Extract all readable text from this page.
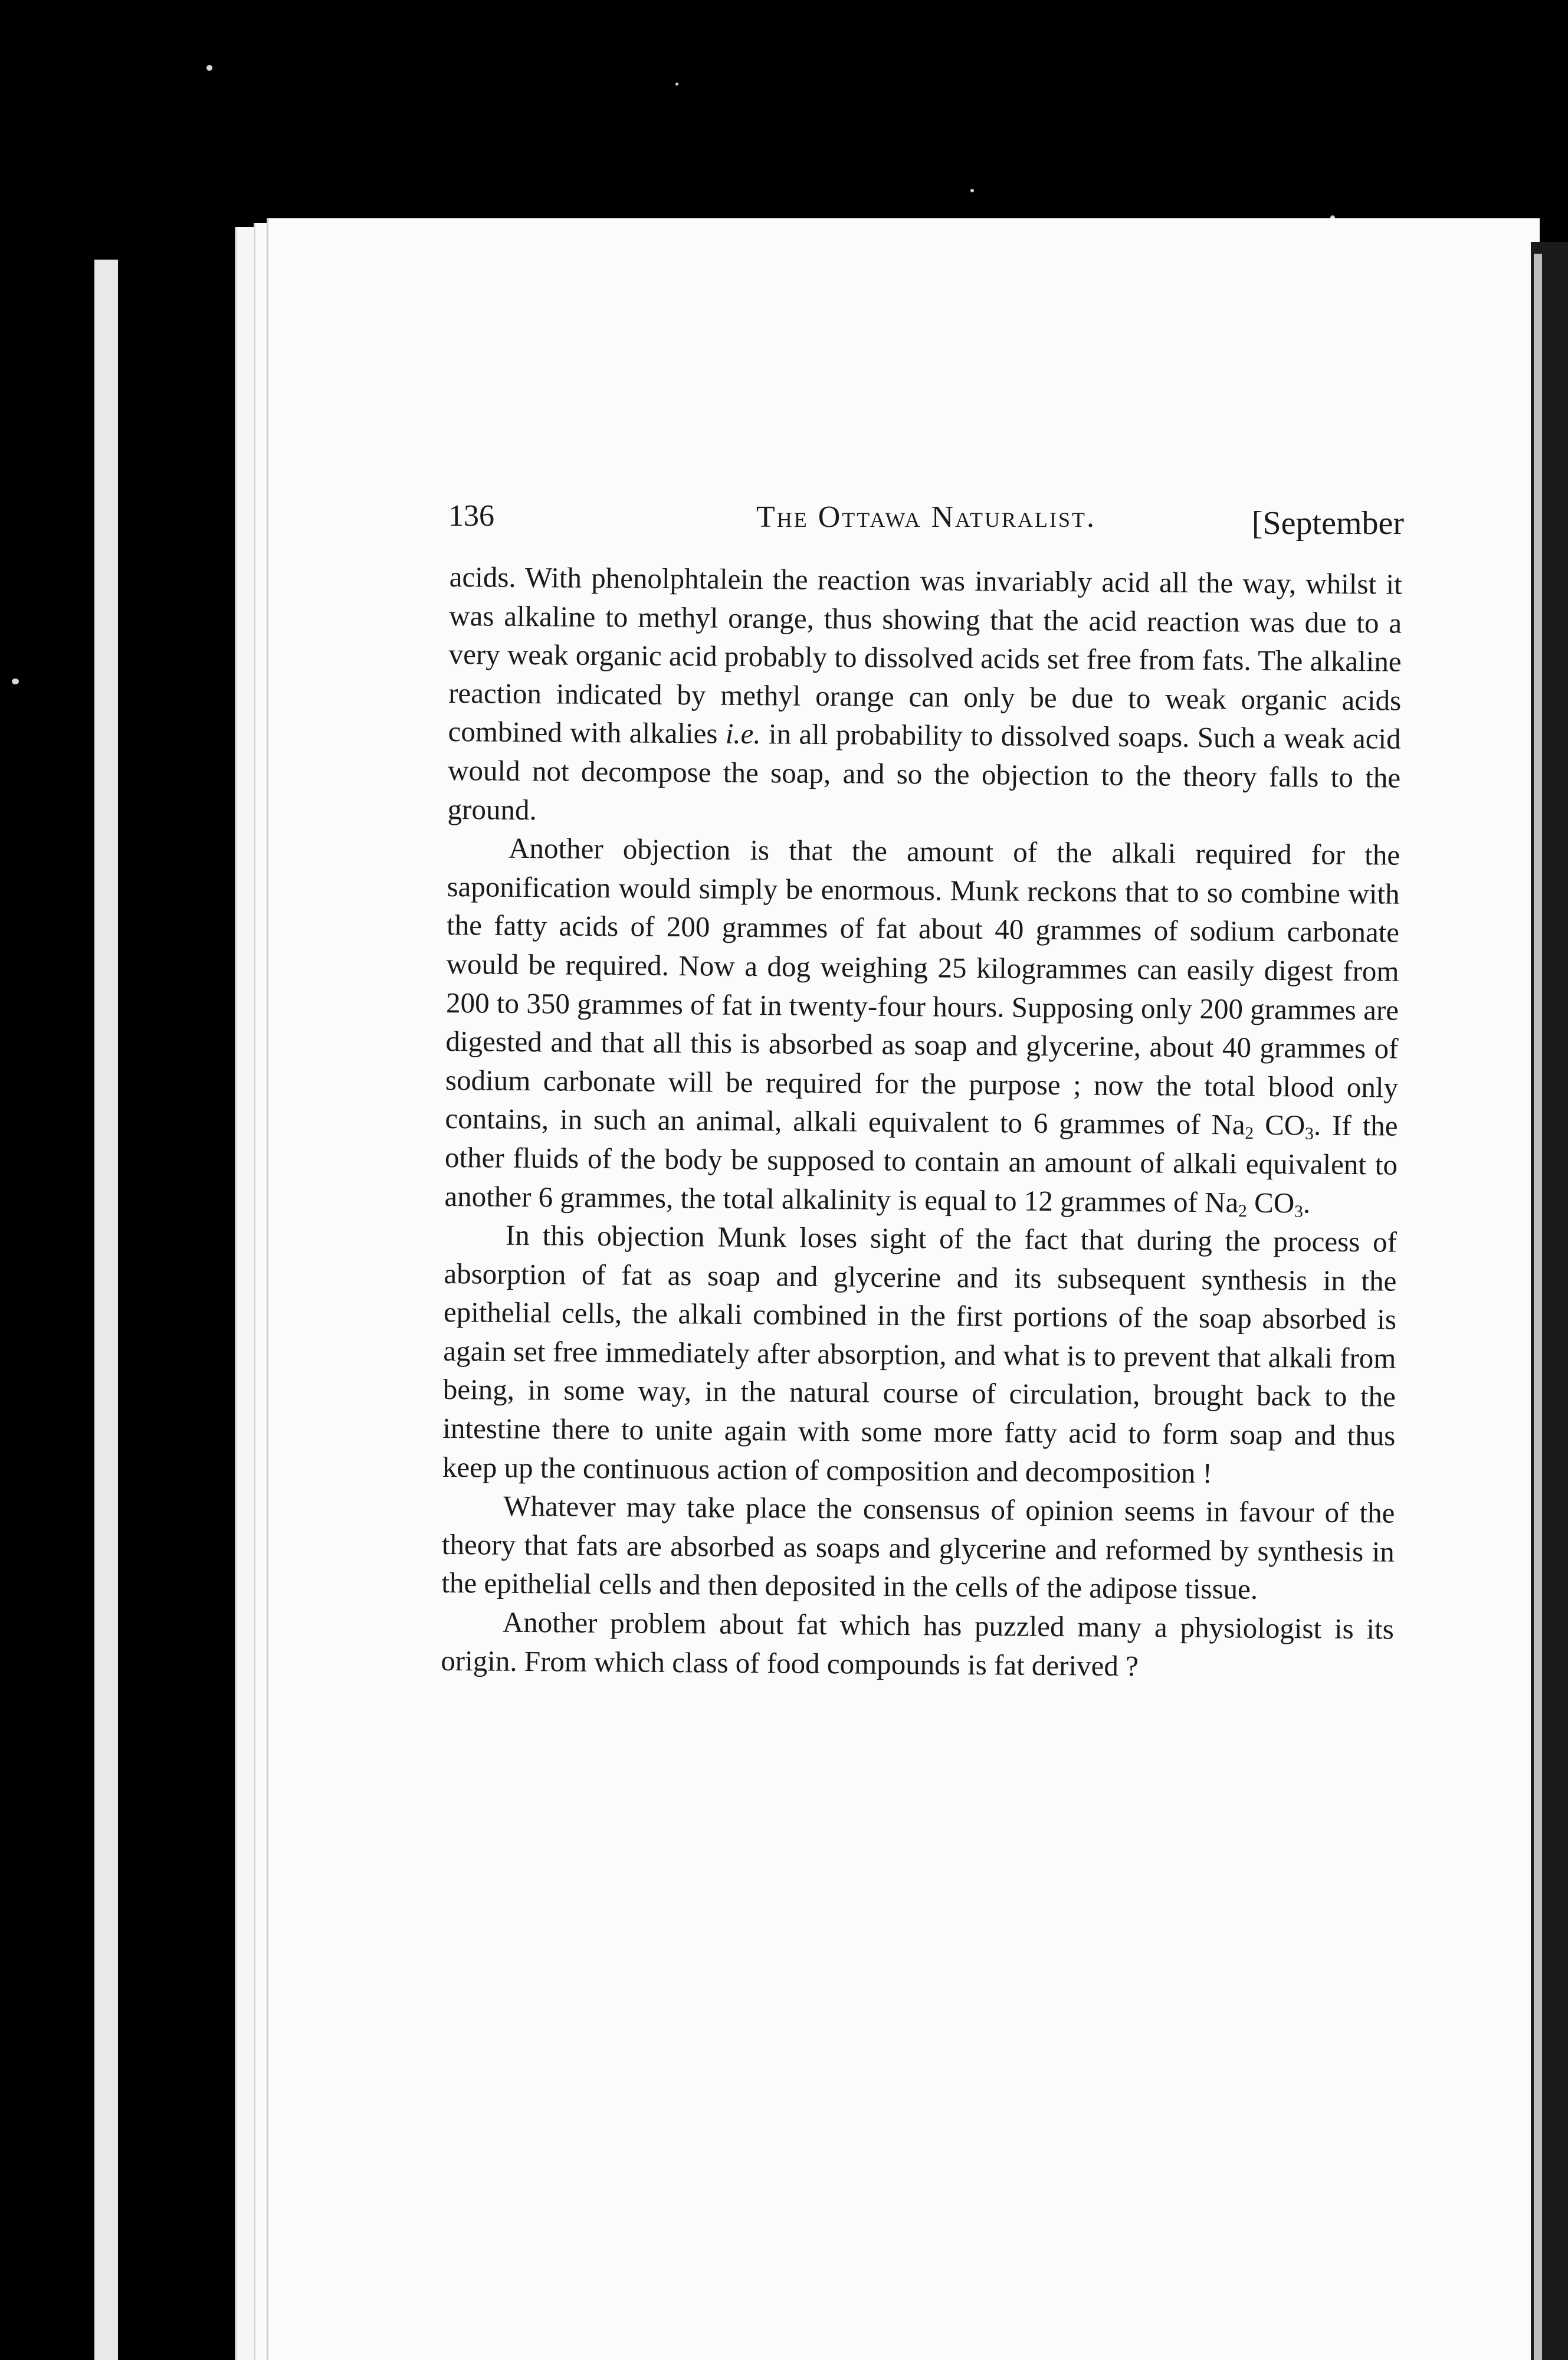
136	The Ottawa Naturalist.	[September

acids. With phenolphtalein the reaction was invariably acid all the way, whilst it was alkaline to methyl orange, thus showing that the acid reaction was due to a very weak organic acid probably to dissolved acids set free from fats. The alkaline reaction indicated by methyl orange can only be due to weak organic acids combined with alkalies i.e. in all probability to dissolved soaps. Such a weak acid would not decompose the soap, and so the objection to the theory falls to the ground.

Another objection is that the amount of the alkali required for the saponification would simply be enormous. Munk reckons that to so combine with the fatty acids of 200 grammes of fat about 40 grammes of sodium carbonate would be required. Now a dog weighing 25 kilogrammes can easily digest from 200 to 350 grammes of fat in twenty-four hours. Supposing only 200 grammes are digested and that all this is absorbed as soap and glycerine, about 40 grammes of sodium carbonate will be required for the purpose ; now the total blood only contains, in such an animal, alkali equivalent to 6 grammes of $Na_2$ $CO_3$. If the other fluids of the body be supposed to contain an amount of alkali equivalent to another 6 grammes, the total alkalinity is equal to 12 grammes of $Na_2$ $CO_3$.

In this objection Munk loses sight of the fact that during the process of absorption of fat as soap and glycerine and its subsequent synthesis in the epithelial cells, the alkali combined in the first portions of the soap absorbed is again set free immediately after absorption, and what is to prevent that alkali from being, in some way, in the natural course of circulation, brought back to the intestine there to unite again with some more fatty acid to form soap and thus keep up the continuous action of composition and decomposition !

Whatever may take place the consensus of opinion seems in favour of the theory that fats are absorbed as soaps and glycerine and reformed by synthesis in the epithelial cells and then deposited in the cells of the adipose tissue.

Another problem about fat which has puzzled many a physiologist is its origin. From which class of food compounds is fat derived ?
